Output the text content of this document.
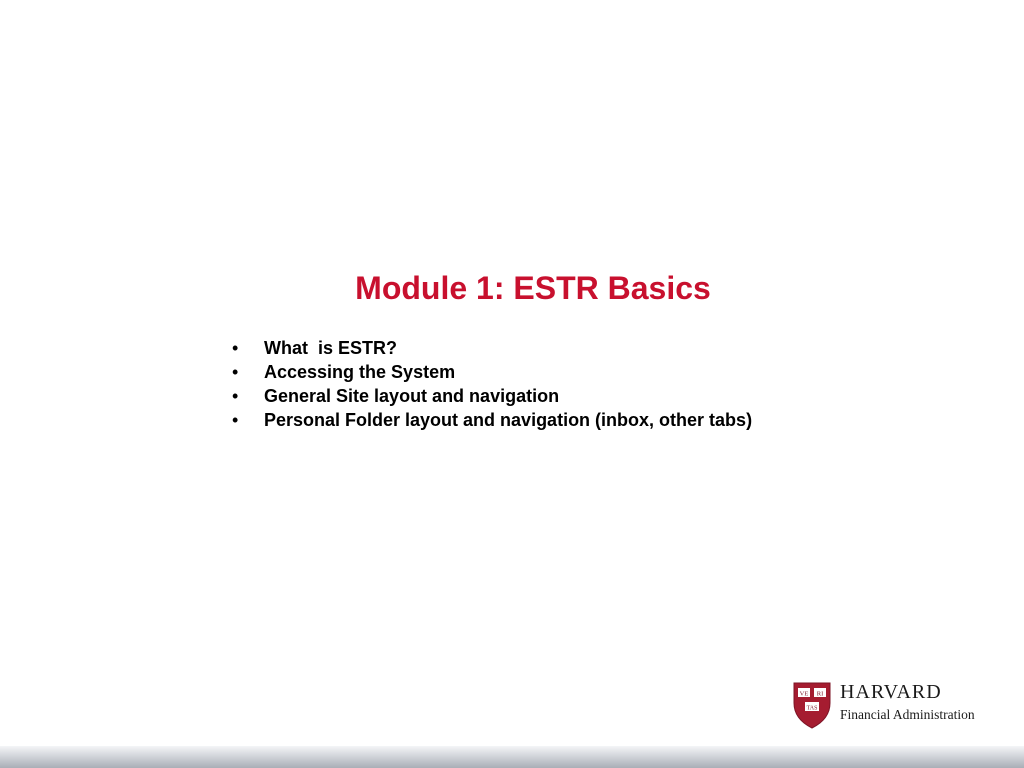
Module 1: ESTR Basics
• What  is ESTR?
• Accessing the System
• General Site layout and navigation
• Personal Folder layout and navigation (inbox, other tabs)
VE RI
TAS
HARVARD
Financial Administration
